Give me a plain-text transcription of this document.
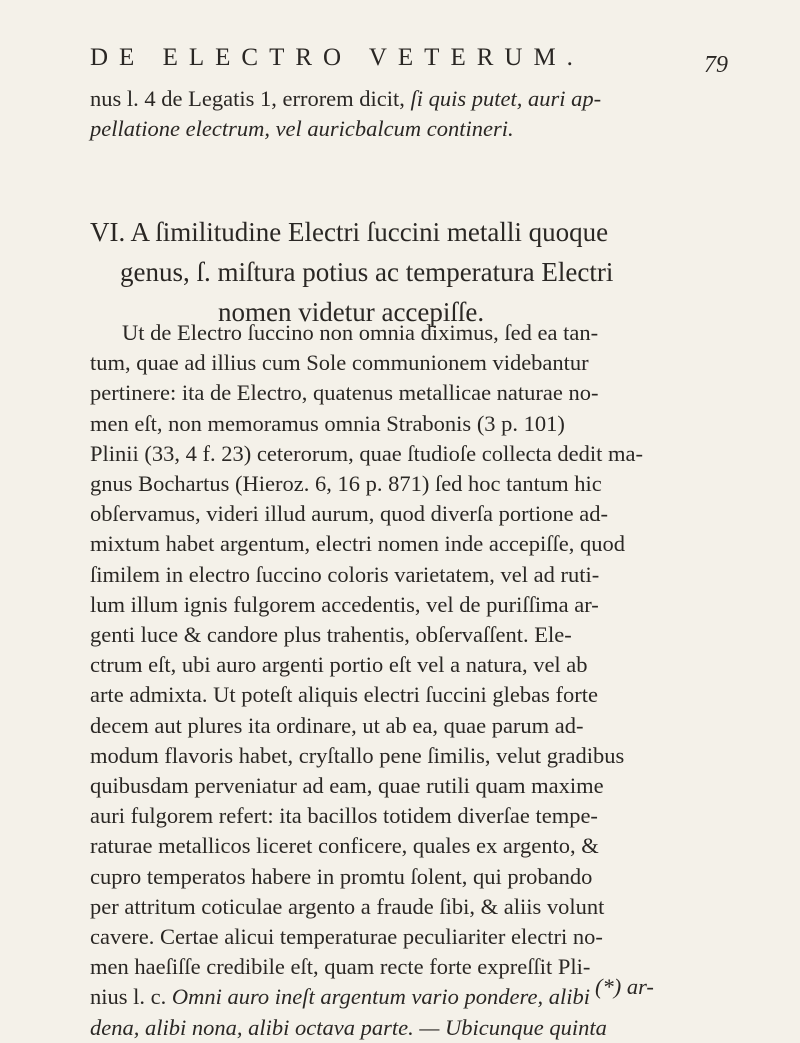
DE ELECTRO VETERUM.	79
nus l. 4 de Legatis 1, errorem dicit, ſi quis putet, auri ap-
pellatione electrum, vel auricbalcum contineri.
VI. A ſimilitudine Electri ſuccini metalli quoque
genus, ſ. miſtura potius ac temperatura Electri
nomen videtur accepiſſe.
Ut de Electro ſuccino non omnia diximus, ſed ea tan-
tum, quae ad illius cum Sole communionem videbantur
pertinere: ita de Electro, quatenus metallicae naturae no-
men eſt, non memoramus omnia Strabonis (3 p. 101)
Plinii (33, 4 f. 23) ceterorum, quae ſtudioſe collecta dedit ma-
gnus Bochartus (Hieroz. 6, 16 p. 871) ſed hoc tantum hic
obſervamus, videri illud aurum, quod diverſa portione ad-
mixtum habet argentum, electri nomen inde accepiſſe, quod
ſimilem in electro ſuccino coloris varietatem, vel ad ruti-
lum illum ignis fulgorem accedentis, vel de puriſſima ar-
genti luce & candore plus trahentis, obſervaſſent. Ele-
ctrum eſt, ubi auro argenti portio eſt vel a natura, vel ab
arte admixta. Ut poteſt aliquis electri ſuccini glebas forte
decem aut plures ita ordinare, ut ab ea, quae parum ad-
modum flavoris habet, cryſtallo pene ſimilis, velut gradibus
quibusdam perveniatur ad eam, quae rutili quam maxime
auri fulgorem refert: ita bacillos totidem diverſae tempe-
raturae metallicos liceret conficere, quales ex argento, &
cupro temperatos habere in promtu ſolent, qui probando
per attritum coticulae argento a fraude ſibi, & aliis volunt
cavere. Certae alicui temperaturae peculiariter electri no-
men haeſiſſe credibile eſt, quam recte forte expreſſit Pli-
nius l. c. Omni auro ineſt argentum vario pondere, alibi
dena, alibi nona, alibi octava parte. — Ubicunque quinta
(*) ar-
